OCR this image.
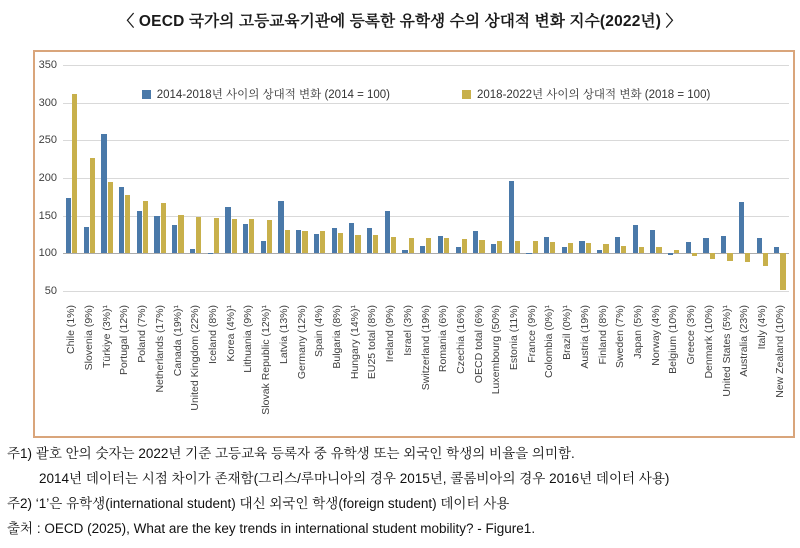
〈 OECD 국가의 고등교육기관에 등록한 유학생 수의 상대적 변화 지수(2022년) 〉
350
300
250
200
150
100
50
2014-2018년 사이의 상대적 변화 (2014 = 100)	2018-2022년 사이의 상대적 변화 (2018 = 100)
Chile (1%) Slovenia (9%) Türkiye (3%)¹ Portugal (12%) Poland (7%) Netherlands (17%) Canada (19%)¹ United Kingdom (22%) Iceland (8%) Korea (4%)¹ Lithuania (9%) Slovak Republic (12%)¹ Latvia (13%) Germany (12%) Spain (4%) Bulgaria (8%) Hungary (14%)¹ EU25 total (8%) Ireland (9%) Israel (3%) Switzerland (19%) Romania (6%) Czechia (16%) OECD total (6%) Luxembourg (50%) Estonia (11%) France (9%) Colombia (0%)¹ Brazil (0%)¹ Austria (19%) Finland (8%) Sweden (7%) Japan (5%) Norway (4%) Belgium (10%) Greece (3%) Denmark (10%) United States (5%)¹ Australia (23%) Italy (4%) New Zealand (10%)
주1) 괄호 안의 숫자는 2022년 기준 고등교육 등록자 중 유학생 또는 외국인 학생의 비율을 의미함.
2014년 데이터는 시점 차이가 존재함(그리스/루마니아의 경우 2015년, 콜롬비아의 경우 2016년 데이터 사용)
주2) ‘1’은 유학생(international student) 대신 외국인 학생(foreign student) 데이터 사용
출처 : OECD (2025), What are the key trends in international student mobility? - Figure1.
